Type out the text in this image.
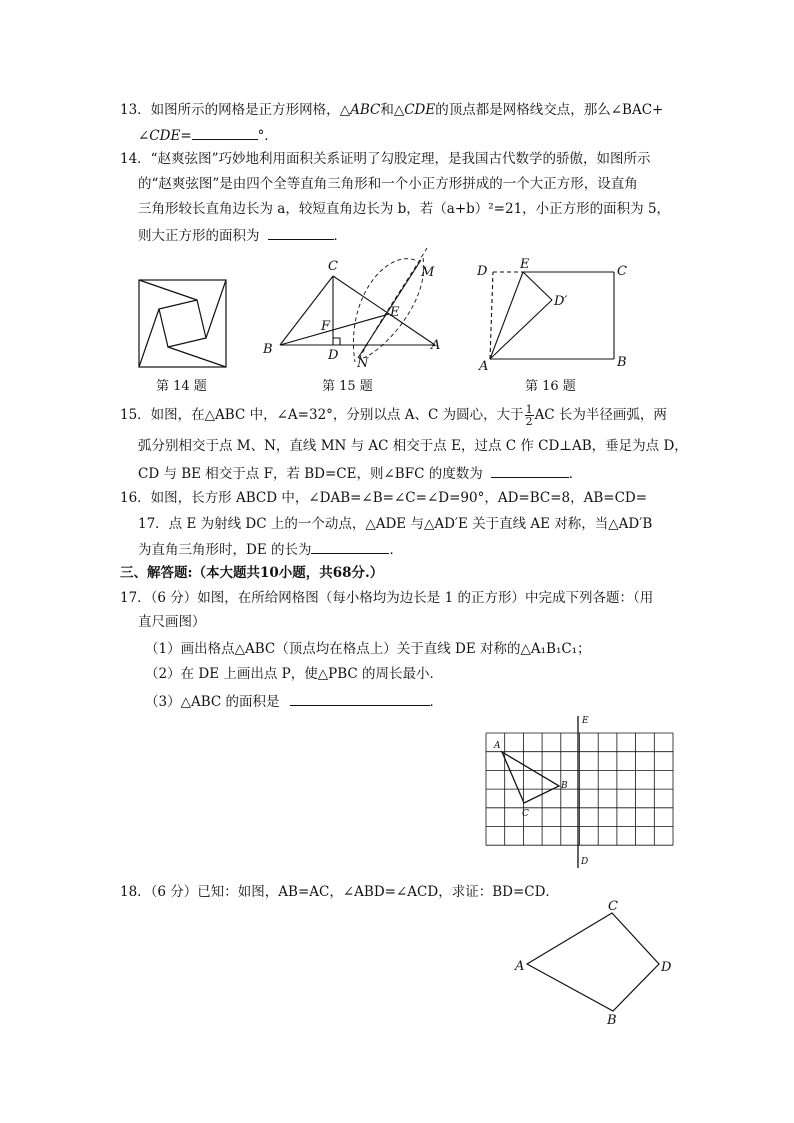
13．如图所示的网格是正方形网格，△ABC和△CDE的顶点都是网格线交点，那么∠BAC+
∠CDE=	°．
14．“赵爽弦图”巧妙地利用面积关系证明了勾股定理，是我国古代数学的骄傲，如图所示
的“赵爽弦图”是由四个全等直角三角形和一个小正方形拼成的一个大正方形，设直角
三角形较长直角边长为 a，较短直角边长为 b，若（a+b）²=21，小正方形的面积为 5，
则大正方形的面积为	．
第 14 题
C	M
F
E
B	D
A
N
第 15 题
D	E	C
D′
A	B
第 16 题
15．如图，在△ABC 中，∠A=32°，分别以点 A、C 为圆心，大于 $\frac{1}{2}$ AC 长为半径画弧，两
弧分别相交于点 M、N，直线 MN 与 AC 相交于点 E，过点 C 作 CD⊥AB，垂足为点 D，
CD 与 BE 相交于点 F，若 BD=CE，则∠BFC 的度数为	．
16．如图，长方形 ABCD 中，∠DAB=∠B=∠C=∠D=90°，AD=BC=8，AB=CD=
17．点 E 为射线 DC 上的一个动点，△ADE 与△AD′E 关于直线 AE 对称，当△AD′B
为直角三角形时，DE 的长为	．
三、解答题:（本大题共10小题，共68分.）
17．（6 分）如图，在所给网格图（每小格均为边长是 1 的正方形）中完成下列各题：（用
直尺画图）
（1）画出格点△ABC（顶点均在格点上）关于直线 DE 对称的△A₁B₁C₁；
（2）在 DE 上画出点 P，使△PBC 的周长最小．
（3）△ABC 的面积是	．
A
B
C
E
D
18．（6 分）已知：如图，AB=AC，∠ABD=∠ACD，求证：BD=CD．
A
C
D
B
